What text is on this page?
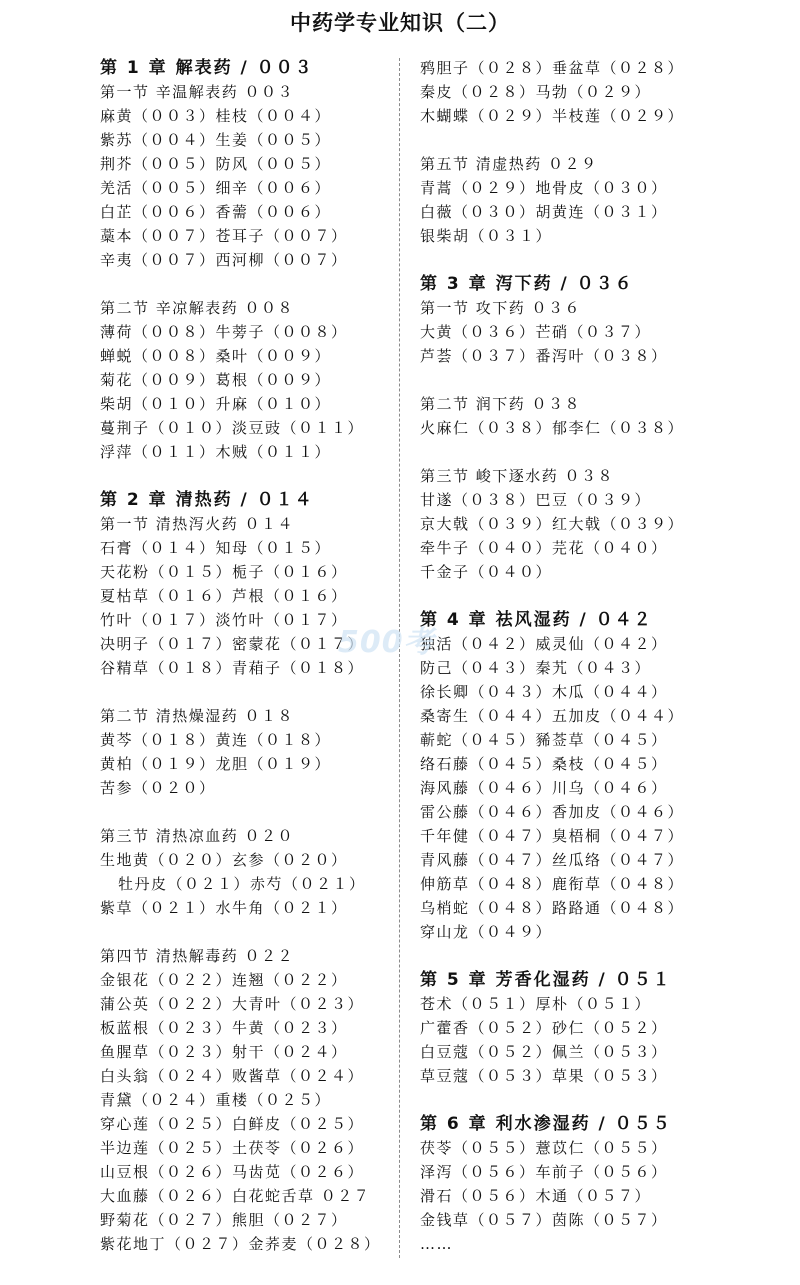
中药学专业知识（二）
第 1 章 解表药 / ００３
第一节 辛温解表药 ００３
麻黄（００３）桂枝（００４）
紫苏（００４）生姜（００５）
荆芥（００５）防风（００５）
羌活（００５）细辛（００６）
白芷（００６）香薷（００６）
藁本（００７）苍耳子（００７）
辛夷（００７）西河柳（００７）
第二节 辛凉解表药 ００８
薄荷（００８）牛蒡子（００８）
蝉蜕（００８）桑叶（００９）
菊花（００９）葛根（００９）
柴胡（０１０）升麻（０１０）
蔓荆子（０１０）淡豆豉（０１１）
浮萍（０１１）木贼（０１１）
第 2 章 清热药 / ０１４
第一节 清热泻火药 ０１４
石膏（０１４）知母（０１５）
天花粉（０１５）栀子（０１６）
夏枯草（０１６）芦根（０１６）
竹叶（０１７）淡竹叶（０１７）
决明子（０１７）密蒙花（０１７）
谷精草（０１８）青葙子（０１８）
第二节 清热燥湿药 ０１８
黄芩（０１８）黄连（０１８）
黄柏（０１９）龙胆（０１９）
苦参（０２０）
第三节 清热凉血药 ０２０
生地黄（０２０）玄参（０２０）
牡丹皮（０２１）赤芍（０２１）
紫草（０２１）水牛角（０２１）
第四节 清热解毒药 ０２２
金银花（０２２）连翘（０２２）
蒲公英（０２２）大青叶（０２３）
板蓝根（０２３）牛黄（０２３）
鱼腥草（０２３）射干（０２４）
白头翁（０２４）败酱草（０２４）
青黛（０２４）重楼（０２５）
穿心莲（０２５）白鲜皮（０２５）
半边莲（０２５）土茯苓（０２６）
山豆根（０２６）马齿苋（０２６）
大血藤（０２６）白花蛇舌草 ０２７
野菊花（０２７）熊胆（０２７）
紫花地丁（０２７）金荞麦（０２８）
鸦胆子（０２８）垂盆草（０２８）
秦皮（０２８）马勃（０２９）
木蝴蝶（０２９）半枝莲（０２９）
第五节 清虚热药 ０２９
青蒿（０２９）地骨皮（０３０）
白薇（０３０）胡黄连（０３１）
银柴胡（０３１）
第 3 章 泻下药 / ０３６
第一节 攻下药 ０３６
大黄（０３６）芒硝（０３７）
芦荟（０３７）番泻叶（０３８）
第二节 润下药 ０３８
火麻仁（０３８）郁李仁（０３８）
第三节 峻下逐水药 ０３８
甘遂（０３８）巴豆（０３９）
京大戟（０３９）红大戟（０３９）
牵牛子（０４０）芫花（０４０）
千金子（０４０）
第 4 章 祛风湿药 / ０４２
独活（０４２）威灵仙（０４２）
防己（０４３）秦艽（０４３）
徐长卿（０４３）木瓜（０４４）
桑寄生（０４４）五加皮（０４４）
蕲蛇（０４５）豨莶草（０４５）
络石藤（０４５）桑枝（０４５）
海风藤（０４６）川乌（０４６）
雷公藤（０４６）香加皮（０４６）
千年健（０４７）臭梧桐（０４７）
青风藤（０４７）丝瓜络（０４７）
伸筋草（０４８）鹿衔草（０４８）
乌梢蛇（０４８）路路通（０４８）
穿山龙（０４９）
第 5 章 芳香化湿药 / ０５１
苍术（０５１）厚朴（０５１）
广藿香（０５２）砂仁（０５２）
白豆蔻（０５２）佩兰（０５３）
草豆蔻（０５３）草果（０５３）
第 6 章 利水渗湿药 / ０５５
茯苓（０５５）薏苡仁（０５５）
泽泻（０５６）车前子（０５６）
滑石（０５６）木通（０５７）
金钱草（０５７）茵陈（０５７）
……
500考
